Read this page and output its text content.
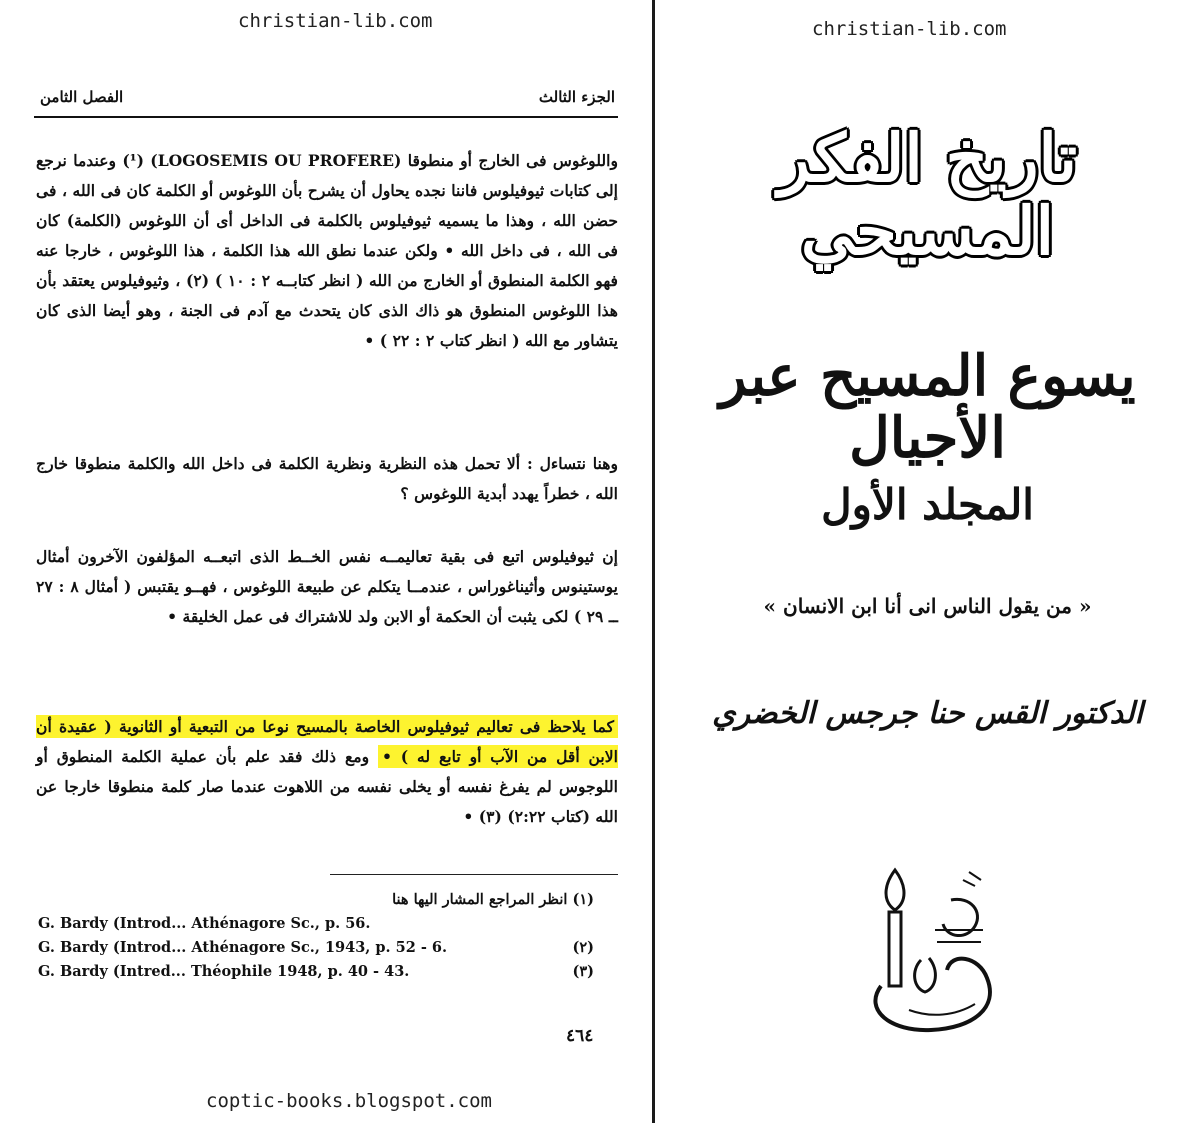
christian-lib.com	christian-lib.com
coptic-books.blogspot.com
الفصل الثامن	الجزء الثالث
واللوغوس فى الخارج أو منطوقا (LOGOSEMIS OU PROFERE) (¹) وعندما نرجع إلى كتابات ثيوفيلوس فاننا نجده يحاول أن يشرح بأن اللوغوس أو الكلمة كان فى الله ، فى حضن الله ، وهذا ما يسميه ثيوفيلوس بالكلمة فى الداخل أى أن اللوغوس (الكلمة) كان فى الله ، فى داخل الله • ولكن عندما نطق الله هذا الكلمة ، هذا اللوغوس ، خارجا عنه فهو الكلمة المنطوق أو الخارج من الله ( انظر كتابــه ٢ : ١٠ ) (٢) ، وثيوفيلوس يعتقد بأن هذا اللوغوس المنطوق هو ذاك الذى كان يتحدث مع آدم فى الجنة ، وهو أيضا الذى كان يتشاور مع الله ( انظر كتاب ٢ : ٢٢ ) •
وهنا نتساءل : ألا تحمل هذه النظرية ونظرية الكلمة فى داخل الله والكلمة منطوقا خارج الله ، خطراً يهدد أبدية اللوغوس ؟
إن ثيوفيلوس اتبع فى بقية تعاليمــه نفس الخــط الذى اتبعــه المؤلفون الآخرون أمثال يوستينوس وأثيناغوراس ، عندمــا يتكلم عن طبيعة اللوغوس ، فهــو يقتبس ( أمثال ٨ : ٢٧ ــ ٢٩ ) لكى يثبت أن الحكمة أو الابن ولد للاشتراك فى عمل الخليقة •
كما يلاحظ فى تعاليم ثيوفيلوس الخاصة بالمسيح نوعا من التبعية أو الثانوية ( عقيدة أن الابن أقل من الآب أو تابع له ) • ومع ذلك فقد علم بأن عملية الكلمة المنطوق أو اللوجوس لم يفرغ نفسه أو يخلى نفسه من اللاهوت عندما صار كلمة منطوقا خارجا عن الله (كتاب ٢:٢٢) (٣) •
(١) انظر المراجع المشار اليها هنا
G. Bardy (Introd... Athénagore Sc., p. 56.
G. Bardy (Introd... Athénagore Sc., 1943, p. 52 - 6.	(٢)
G. Bardy (Intred... Théophile 1948, p. 40 - 43.	(٣)
٤٦٤
تاريخ الفكر المسيحي
يسوع المسيح عبر الأجيال
المجلد الأول
« من يقول الناس انى أنا ابن الانسان »
الدكتور القس حنا جرجس الخضري
